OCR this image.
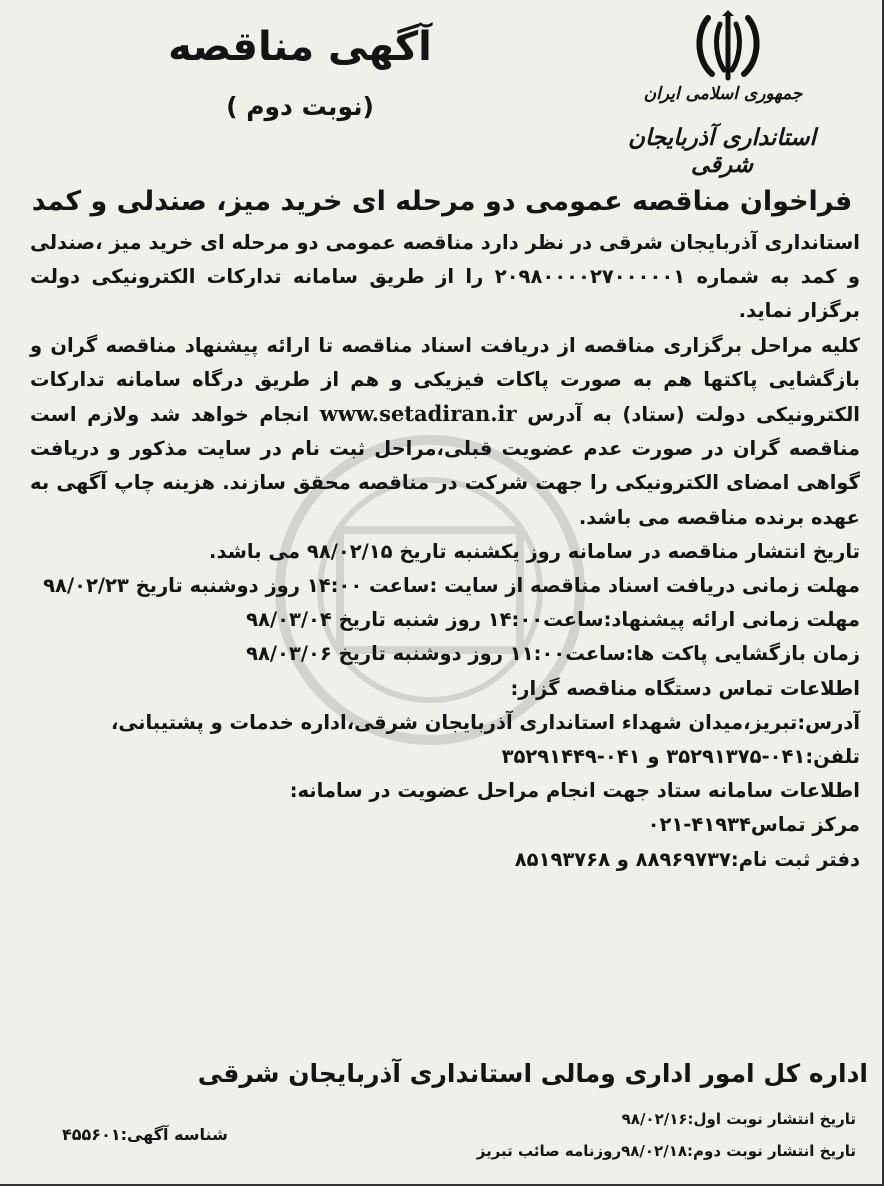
جمهوری اسلامی ایران
استانداری آذربایجان شرقی
آگهی مناقصه
(نوبت دوم )
فراخوان مناقصه عمومی دو مرحله ای خرید میز، صندلی و کمد

استانداری آذربایجان شرقی در نظر دارد مناقصه عمومی دو مرحله ای خرید میز ،صندلی و کمد به شماره ۲۰۹۸۰۰۰۰۲۷۰۰۰۰۰۱ را از طریق سامانه تدارکات الکترونیکی دولت برگزار نماید.

کلیه مراحل برگزاری مناقصه از دریافت اسناد مناقصه تا ارائه پیشنهاد مناقصه گران و بازگشایی پاکتها هم به صورت پاکات فیزیکی و هم از طریق درگاه سامانه تدارکات الکترونیکی دولت (ستاد) به آدرس www.setadiran.ir انجام خواهد شد ولازم است مناقصه گران در صورت عدم عضویت قبلی،مراحل ثبت نام در سایت مذکور و دریافت گواهی امضای الکترونیکی را جهت شرکت در مناقصه محقق سازند. هزینه چاپ آگهی به عهده برنده مناقصه می باشد.

تاریخ انتشار مناقصه در سامانه روز یکشنبه تاریخ ۹۸/۰۲/۱۵ می باشد.

مهلت زمانی دریافت اسناد مناقصه از سایت :ساعت ۱۴:۰۰ روز دوشنبه تاریخ ۹۸/۰۲/۲۳

مهلت زمانی ارائه پیشنهاد:ساعت۱۴:۰۰ روز شنبه تاریخ ۹۸/۰۳/۰۴

زمان بازگشایی پاکت ها:ساعت۱۱:۰۰ روز دوشنبه تاریخ ۹۸/۰۳/۰۶

اطلاعات تماس دستگاه مناقصه گزار:

آدرس:تبریز،میدان شهداء استانداری آذربایجان شرقی،اداره خدمات و پشتیبانی،

تلفن:۰۴۱-۳۵۲۹۱۳۷۵ و ۰۴۱-۳۵۲۹۱۴۴۹

اطلاعات سامانه ستاد جهت انجام مراحل عضویت در سامانه:

مرکز تماس۴۱۹۳۴-۰۲۱

دفتر ثبت نام:۸۸۹۶۹۷۳۷ و ۸۵۱۹۳۷۶۸

اداره کل امور اداری ومالی استانداری آذربایجان شرقی
تاریخ انتشار نوبت اول:۹۸/۰۲/۱۶
تاریخ انتشار نوبت دوم:۹۸/۰۲/۱۸روزنامه صائب تبریز
شناسه آگهی:۴۵۵۶۰۱
